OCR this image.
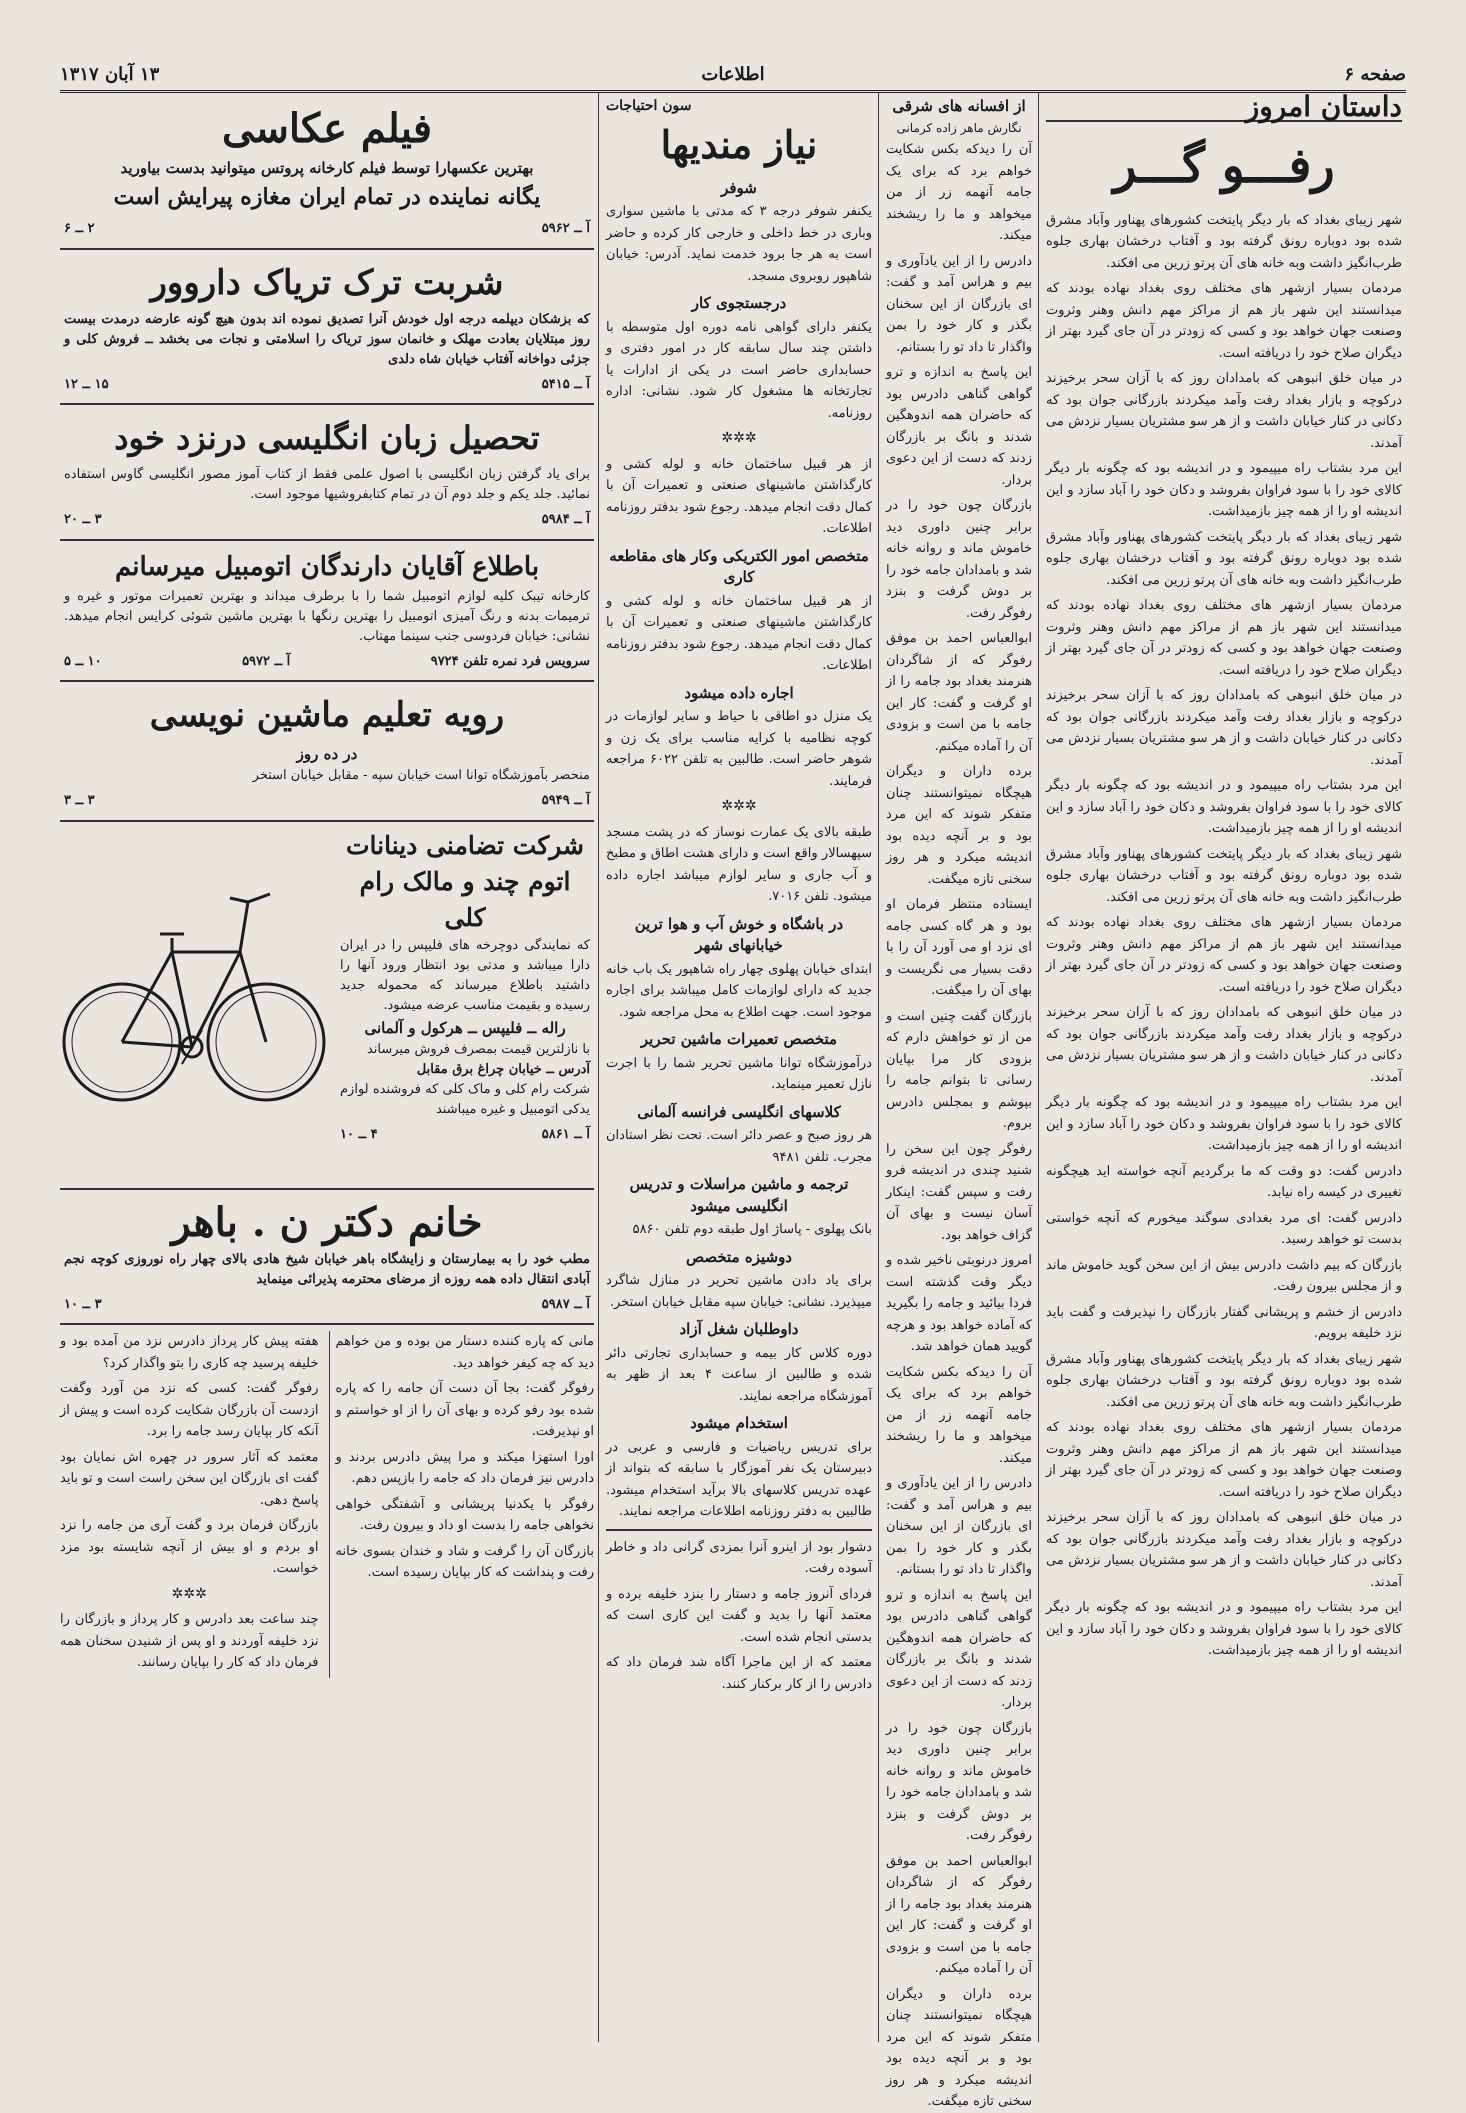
صفحه ۶
اطلاعات
۱۳ آبان ۱۳۱۷
داستان امروز
رفـــو گـــر

شهر زیبای بغداد که بار دیگر پایتخت کشورهای پهناور وآباد مشرق شده بود دوباره رونق گرفته بود و آفتاب درخشان بهاری جلوه طرب‌انگیز داشت وبه خانه های آن پرتو زرین می افکند.

مردمان بسیار ازشهر های مختلف روی بغداد نهاده بودند که میدانستند این شهر باز هم از مراکز مهم دانش وهنر وثروت وصنعت جهان خواهد بود و کسی که زودتر در آن جای گیرد بهتر از دیگران صلاح خود را دریافته است.

در میان خلق انبوهی که بامدادان روز که با آزان سحر برخیزند درکوچه و بازار بغداد رفت وآمد میکردند بازرگانی جوان بود که دکانی در کنار خیابان داشت و از هر سو مشتریان بسیار نزدش می آمدند.

این مرد بشتاب راه میپیمود و در اندیشه بود که چگونه بار دیگر کالای خود را با سود فراوان بفروشد و دکان خود را آباد سازد و این اندیشه او را از همه چیز بازمیداشت.

شهر زیبای بغداد که بار دیگر پایتخت کشورهای پهناور وآباد مشرق شده بود دوباره رونق گرفته بود و آفتاب درخشان بهاری جلوه طرب‌انگیز داشت وبه خانه های آن پرتو زرین می افکند.

مردمان بسیار ازشهر های مختلف روی بغداد نهاده بودند که میدانستند این شهر باز هم از مراکز مهم دانش وهنر وثروت وصنعت جهان خواهد بود و کسی که زودتر در آن جای گیرد بهتر از دیگران صلاح خود را دریافته است.

در میان خلق انبوهی که بامدادان روز که با آزان سحر برخیزند درکوچه و بازار بغداد رفت وآمد میکردند بازرگانی جوان بود که دکانی در کنار خیابان داشت و از هر سو مشتریان بسیار نزدش می آمدند.

این مرد بشتاب راه میپیمود و در اندیشه بود که چگونه بار دیگر کالای خود را با سود فراوان بفروشد و دکان خود را آباد سازد و این اندیشه او را از همه چیز بازمیداشت.

شهر زیبای بغداد که بار دیگر پایتخت کشورهای پهناور وآباد مشرق شده بود دوباره رونق گرفته بود و آفتاب درخشان بهاری جلوه طرب‌انگیز داشت وبه خانه های آن پرتو زرین می افکند.

مردمان بسیار ازشهر های مختلف روی بغداد نهاده بودند که میدانستند این شهر باز هم از مراکز مهم دانش وهنر وثروت وصنعت جهان خواهد بود و کسی که زودتر در آن جای گیرد بهتر از دیگران صلاح خود را دریافته است.

در میان خلق انبوهی که بامدادان روز که با آزان سحر برخیزند درکوچه و بازار بغداد رفت وآمد میکردند بازرگانی جوان بود که دکانی در کنار خیابان داشت و از هر سو مشتریان بسیار نزدش می آمدند.

این مرد بشتاب راه میپیمود و در اندیشه بود که چگونه بار دیگر کالای خود را با سود فراوان بفروشد و دکان خود را آباد سازد و این اندیشه او را از همه چیز بازمیداشت.

دادرس گفت: دو وقت که ما برگردیم آنچه خواسته اید هیچگونه تغییری در کیسه راه نیابد.

دادرس گفت: ای مرد بغدادی سوگند میخورم که آنچه خواستی بدست تو خواهد رسید.

بازرگان که بیم داشت دادرس بیش از این سخن گوید خاموش ماند و از مجلس بیرون رفت.

دادرس از خشم و پریشانی گفتار بازرگان را نپذیرفت و گفت باید نزد خلیفه برویم.

شهر زیبای بغداد که بار دیگر پایتخت کشورهای پهناور وآباد مشرق شده بود دوباره رونق گرفته بود و آفتاب درخشان بهاری جلوه طرب‌انگیز داشت وبه خانه های آن پرتو زرین می افکند.

مردمان بسیار ازشهر های مختلف روی بغداد نهاده بودند که میدانستند این شهر باز هم از مراکز مهم دانش وهنر وثروت وصنعت جهان خواهد بود و کسی که زودتر در آن جای گیرد بهتر از دیگران صلاح خود را دریافته است.

در میان خلق انبوهی که بامدادان روز که با آزان سحر برخیزند درکوچه و بازار بغداد رفت وآمد میکردند بازرگانی جوان بود که دکانی در کنار خیابان داشت و از هر سو مشتریان بسیار نزدش می آمدند.

این مرد بشتاب راه میپیمود و در اندیشه بود که چگونه بار دیگر کالای خود را با سود فراوان بفروشد و دکان خود را آباد سازد و این اندیشه او را از همه چیز بازمیداشت.

از افسانه های شرقی
نگارش ماهر زاده کرمانی

آن را دیدکه بکس شکایت خواهم برد که برای یک جامه آنهمه زر از من میخواهد و ما را ریشخند میکند.

دادرس را از این یادآوری و بیم و هراس آمد و گفت: ای بازرگان از این سخنان بگذر و کار خود را بمن واگذار تا داد تو را بستانم.

این پاسخ به اندازه و ترو گواهی گناهی دادرس بود که حاضران همه اندوهگین شدند و بانگ بر بازرگان زدند که دست از این دعوی بردار.

بازرگان چون خود را در برابر چنین داوری دید خاموش ماند و روانه خانه شد و بامدادان جامه خود را بر دوش گرفت و بنزد رفوگر رفت.

ابوالعباس احمد بن موفق رفوگر که از شاگردان هنرمند بغداد بود جامه را از او گرفت و گفت: کار این جامه با من است و بزودی آن را آماده میکنم.

برده داران و دیگران هیچگاه نمیتوانستند چنان متفکر شوند که این مرد بود و بر آنچه دیده بود اندیشه میکرد و هر روز سخنی تازه میگفت.

ایستاده منتظر فرمان او بود و هر گاه کسی جامه ای نزد او می آورد آن را با دقت بسیار می نگریست و بهای آن را میگفت.

بازرگان گفت چنین است و من از تو خواهش دارم که بزودی کار مرا بپایان رسانی تا بتوانم جامه را بپوشم و بمجلس دادرس بروم.

رفوگر چون این سخن را شنید چندی در اندیشه فرو رفت و سپس گفت: اینکار آسان نیست و بهای آن گزاف خواهد بود.

امروز درنوبتی ناخیر شده و دیگر وقت گذشته است فردا بیائید و جامه را بگیرید که آماده خواهد بود و هرچه گویید همان خواهد شد.

آن را دیدکه بکس شکایت خواهم برد که برای یک جامه آنهمه زر از من میخواهد و ما را ریشخند میکند.

دادرس را از این یادآوری و بیم و هراس آمد و گفت: ای بازرگان از این سخنان بگذر و کار خود را بمن واگذار تا داد تو را بستانم.

این پاسخ به اندازه و ترو گواهی گناهی دادرس بود که حاضران همه اندوهگین شدند و بانگ بر بازرگان زدند که دست از این دعوی بردار.

بازرگان چون خود را در برابر چنین داوری دید خاموش ماند و روانه خانه شد و بامدادان جامه خود را بر دوش گرفت و بنزد رفوگر رفت.

ابوالعباس احمد بن موفق رفوگر که از شاگردان هنرمند بغداد بود جامه را از او گرفت و گفت: کار این جامه با من است و بزودی آن را آماده میکنم.

برده داران و دیگران هیچگاه نمیتوانستند چنان متفکر شوند که این مرد بود و بر آنچه دیده بود اندیشه میکرد و هر روز سخنی تازه میگفت.

سون احتیاجات
نیاز مندیها
شوفر

یکنفر شوفر درجه ۳ که مدتی با ماشین سواری وباری در خط داخلی و خارجی کار کرده و حاضر است به هر جا برود خدمت نماید. آدرس: خیابان شاهپور روبروی مسجد.

درجستجوی کار

یکنفر دارای گواهی نامه دوره اول متوسطه با داشتن چند سال سابقه کار در امور دفتری و حسابداری حاضر است در یکی از ادارات یا تجارتخانه ها مشغول کار شود. نشانی: اداره روزنامه.

✲✲✲

از هر قبیل ساختمان خانه و لوله کشی و کارگذاشتن ماشینهای صنعتی و تعمیرات آن با کمال دقت انجام میدهد. رجوع شود بدفتر روزنامه اطلاعات.

متخصص امور الکتریکی وکار های مقاطعه کاری

از هر قبیل ساختمان خانه و لوله کشی و کارگذاشتن ماشینهای صنعتی و تعمیرات آن با کمال دقت انجام میدهد. رجوع شود بدفتر روزنامه اطلاعات.

اجاره داده میشود

یک منزل دو اطاقی با حیاط و سایر لوازمات در کوچه نظامیه با کرایه مناسب برای یک زن و شوهر حاضر است. طالبین به تلفن ۶۰۲۲ مراجعه فرمایند.

✲✲✲

طبقه بالای یک عمارت نوساز که در پشت مسجد سپهسالار واقع است و دارای هشت اطاق و مطبخ و آب جاری و سایر لوازم میباشد اجاره داده میشود. تلفن ۷۰۱۶.

در باشگاه و خوش آب و هوا ترین خیابانهای شهر

ابتدای خیابان پهلوی چهار راه شاهپور یک باب خانه جدید که دارای لوازمات کامل میباشد برای اجاره موجود است. جهت اطلاع به محل مراجعه شود.

متخصص تعمیرات ماشین تحریر

درآموزشگاه توانا ماشین تحریر شما را با اجرت نازل تعمیر مینماید.

کلاسهای انگلیسی فرانسه آلمانی

هر روز صبح و عصر دائر است. تحت نظر استادان مجرب. تلفن ۹۴۸۱

ترجمه و ماشین مراسلات و تدریس انگلیسی میشود

بانک پهلوی - پاساژ اول طبقه دوم تلفن ۵۸۶۰

دوشیزه متخصص

برای یاد دادن ماشین تحریر در منازل شاگرد میپذیرد. نشانی: خیابان سپه مقابل خیابان استخر.

داوطلبان شغل آزاد

دوره کلاس کار بیمه و حسابداری تجارتی دائر شده و طالبین از ساعت ۴ بعد از ظهر به آموزشگاه مراجعه نمایند.

استخدام میشود

برای تدریس ریاضیات و فارسی و عربی در دبیرستان یک نفر آموزگار با سابقه که بتواند از عهده تدریس کلاسهای بالا برآید استخدام میشود. طالبین به دفتر روزنامه اطلاعات مراجعه نمایند.

دشوار بود از اینرو آنرا بمزدی گرانی داد و خاطر آسوده رفت.

فردای آنروز جامه و دستار را بنزد خلیفه برده و معتمد آنها را بدید و گفت این کاری است که بدستی انجام شده است.

معتمد که از این ماجرا آگاه شد فرمان داد که دادرس را از کار برکنار کنند.

فیلم عکاسی
بهترین عکسهارا توسط فیلم کارخانه پروتس میتوانید بدست بیاورید
یگانه نماینده در تمام ایران مغازه پیرایش است
۲ ــ ۶	آ ــ ۵۹۶۲
شربت ترک تریاک داروور
که بزشکان دیپلمه درجه اول خودش آنرا تصدیق نموده اند بدون هیچ گونه عارضه درمدت بیست روز مبتلایان بعادت مهلک و خانمان سوز تریاک را اسلامتی و نجات می بخشد ــ فروش کلی و جزئی دواخانه آفتاب خیابان شاه دلدی
۱۵ ــ ۱۲	آ ــ ۵۴۱۵
تحصیل زبان انگلیسی درنزد خود
برای یاد گرفتن زبان انگلیسی با اصول علمی فقط از کتاب آموز مصور انگلیسی گاوس استفاده نمائید. جلد یکم و جلد دوم آن در تمام کتابفروشیها موجود است.
۳ ــ ۲۰	آ ــ ۵۹۸۴
باطلاع آقایان دارندگان اتومبیل میرسانم
کارخانه تیبک کلیه لوازم اتومبیل شما را با برطرف میداند و بهترین تعمیرات موتور و غیره و ترمیمات بدنه و رنگ آمیزی اتومبیل را بهترین رنگها با بهترین ماشین شوئی کرایس انجام میدهد. نشانی: خیابان فردوسی جنب سینما مهتاب.
۱۰ ــ ۵	آ ــ ۵۹۷۲	سرویس فرد نمره تلفن ۹۷۲۴
رویه تعلیم ماشین نویسی
در ده روز
منحصر بآموزشگاه توانا است خیابان سپه - مقابل خیابان استخر
۳ ــ ۳	آ ــ ۵۹۴۹
شرکت تضامنی دینانات
اتوم چند و مالک رام کلی
که نمایندگی دوچرخه های فلیپس را در ایران دارا میباشد و مدتی بود انتظار ورود آنها را داشتید باطلاع میرساند که محموله جدید رسیده و بقیمت مناسب عرضه میشود.
راله ــ فلیپس ــ هرکول و آلمانی
با نازلترین قیمت بمصرف فروش میرساند
آدرس ــ خیابان چراغ برق مقابل
شرکت رام کلی و ماک کلی که فروشنده لوازم یدکی اتومبیل و غیره میباشند
۴ ــ ۱۰	آ ــ ۵۸۶۱
خانم دکتر ن . باهر
مطب خود را به بیمارستان و زایشگاه باهر خیابان شیخ هادی بالای چهار راه نوروزی کوچه نجم آبادی انتقال داده همه روزه از مرضای محترمه پذیرائی مینماید
۳ ــ ۱۰	آ ــ ۵۹۸۷

مانی که پاره کننده دستار من بوده و من خواهم دید که چه کیفر خواهد دید.

رفوگر گفت: بجا آن دست آن جامه را که پاره شده بود رفو کرده و بهای آن را از او خواستم و او نپذیرفت.

اورا استهزا میکند و مرا پیش دادرس بردند و دادرس نیز فرمان داد که جامه را بازپس دهم.

رفوگر با یکدنیا پریشانی و آشفتگی خواهی نخواهی جامه را بدست او داد و بیرون رفت.

بازرگان آن را گرفت و شاد و خندان بسوی خانه رفت و پنداشت که کار بپایان رسیده است.

هفته پیش کار پرداز دادرس نزد من آمده بود و خلیفه پرسید چه کاری را بتو واگذار کرد؟

رفوگر گفت: کسی که نزد من آورد وگفت ازدست آن بازرگان شکایت کرده است و پیش از آنکه کار بپایان رسد جامه را برد.

معتمد که آثار سرور در چهره اش نمایان بود گفت ای بازرگان این سخن راست است و تو باید پاسخ دهی.

بازرگان فرمان برد و گفت آری من جامه را نزد او بردم و او بیش از آنچه شایسته بود مزد خواست.

✲✲✲

چند ساعت بعد دادرس و کار پرداز و بازرگان را نزد خلیفه آوردند و او پس از شنیدن سخنان همه فرمان داد که کار را بپایان رسانند.
